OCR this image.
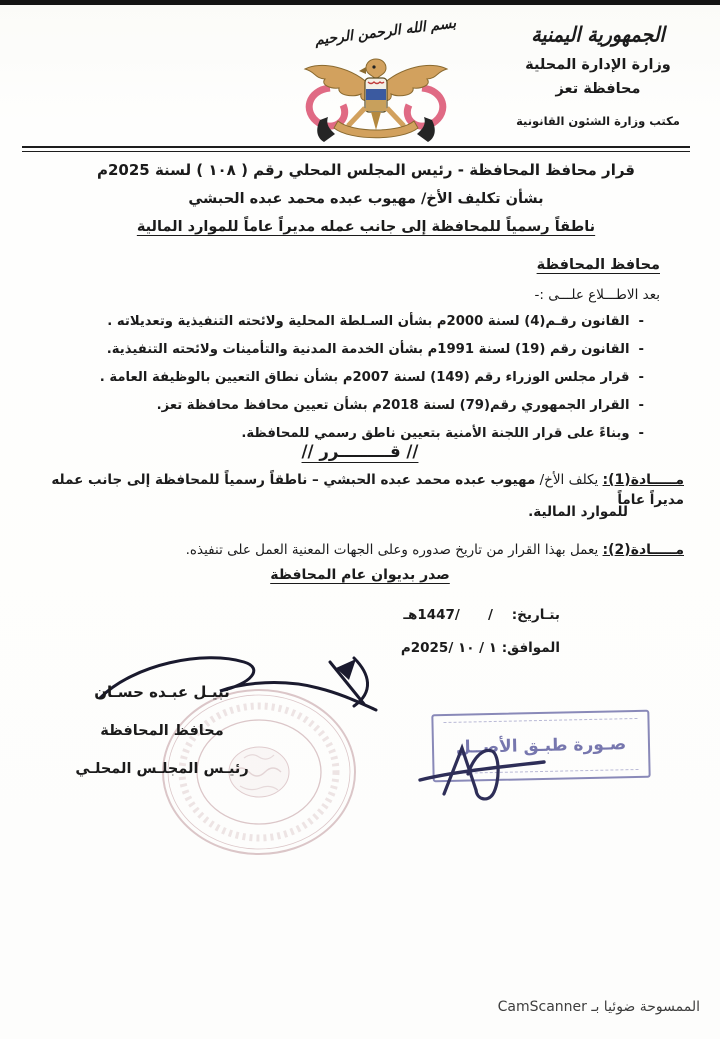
الجمهورية اليمنية
وزارة الإدارة المحلية
محافظة تعز
مكتب وزارة الشئون القانونية
بسم الله الرحمن الرحيم
قرار محافظ المحافظة - رئيس المجلس المحلي رقم ( ١٠٨ ) لسنة 2025م
بشأن تكليف الأخ/ مهيوب عبده محمد عبده الحبشي
ناطقاً رسمياً للمحافظة إلى جانب عمله مديراً عاماً للموارد المالية
محافظ المحافظة
بعد الاطـــلاع علـــى :-
-
القانون رقـم(4) لسنة 2000م بشأن السـلطة المحلية ولائحته التنفيذية وتعديلاته .
-
القانون رقم (19) لسنة 1991م بشأن الخدمة المدنية والتأمينات ولائحته التنفيذية.
-
قرار مجلس الوزراء رقم (149) لسنة 2007م بشأن نطاق التعيين بالوظيفة العامة .
-
القرار الجمهوري رقم(79) لسنة 2018م بشأن تعيين محافظ محافظة تعز.
-
وبناءً على قرار اللجنة الأمنية بتعيين ناطق رسمي للمحافظة.
// قـــــــــرر //
مـــــادة(1): يكلف الأخ/ مهيوب عبده محمد عبده الحبشي – ناطقاً رسمياً للمحافظة إلى جانب عمله مديراً عاماً
للموارد المالية.
مـــــادة(2): يعمل بهذا القرار من تاريخ صدوره وعلى الجهات المعنية العمل على تنفيذه.
صدر بديوان عام المحافظة
بتـاريخ:    /      /1447هـ
الموافق: ١ / ١٠ /2025م
نبيـل عبـده حسـان
محافظ المحافظة
رئيـس المجلـس المحلـي
صـورة طبـق الأصــل
الممسوحة ضوئيا بـ CamScanner
